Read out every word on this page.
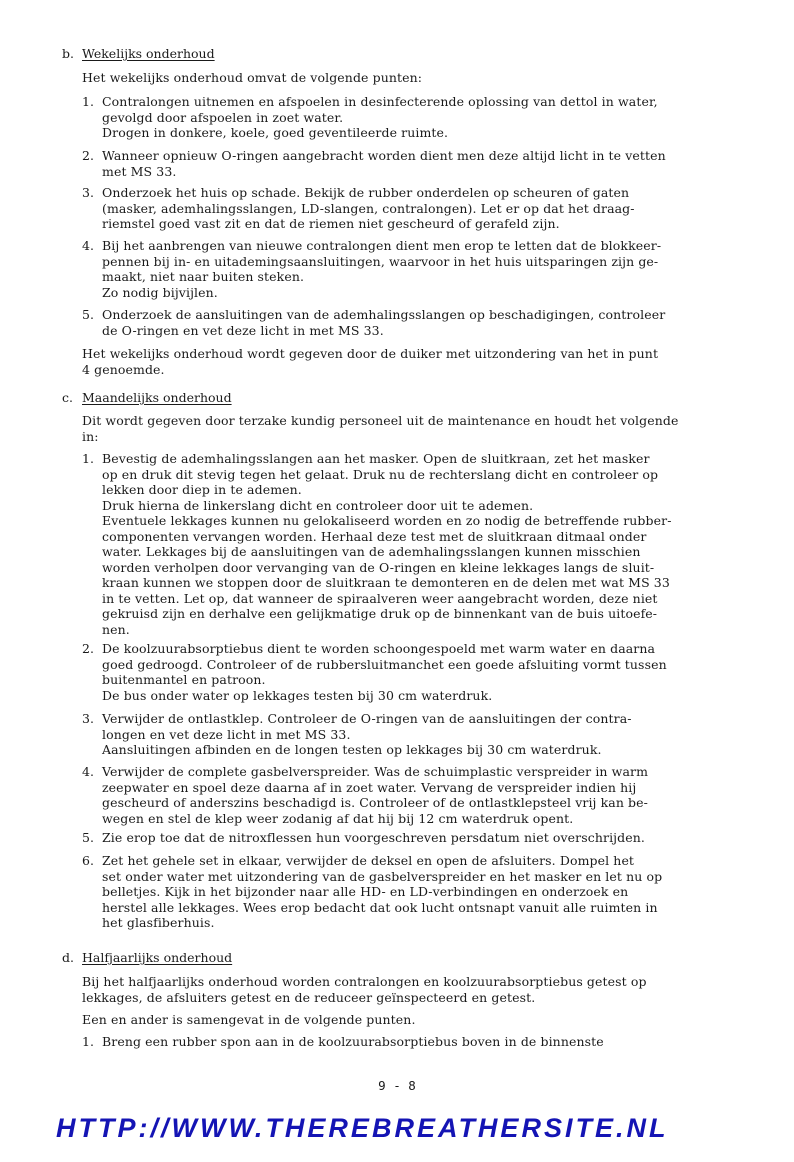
b. Wekelijks onderhoud
Het wekelijks onderhoud omvat de volgende punten:
1. Contralongen uitnemen en afspoelen in desinfecterende oplossing van dettol in water,
gevolgd door afspoelen in zoet water.
Drogen in donkere, koele, goed geventileerde ruimte.
2. Wanneer opnieuw O-ringen aangebracht worden dient men deze altijd licht in te vetten
met MS 33.
3. Onderzoek het huis op schade. Bekijk de rubber onderdelen op scheuren of gaten
(masker, ademhalingsslangen, LD-slangen, contralongen). Let er op dat het draag-
riemstel goed vast zit en dat de riemen niet gescheurd of gerafeld zijn.
4. Bij het aanbrengen van nieuwe contralongen dient men erop te letten dat de blokkeer-
pennen bij in- en uitademingsaansluitingen, waarvoor in het huis uitsparingen zijn ge-
maakt, niet naar buiten steken.
Zo nodig bijvijlen.
5. Onderzoek de aansluitingen van de ademhalingsslangen op beschadigingen, controleer
de O-ringen en vet deze licht in met MS 33.
Het wekelijks onderhoud wordt gegeven door de duiker met uitzondering van het in punt
4 genoemde.
c. Maandelijks onderhoud
Dit wordt gegeven door terzake kundig personeel uit de maintenance en houdt het volgende
in:
1. Bevestig de ademhalingsslangen aan het masker. Open de sluitkraan, zet het masker
op en druk dit stevig tegen het gelaat. Druk nu de rechterslang dicht en controleer op
lekken door diep in te ademen.
Druk hierna de linkerslang dicht en controleer door uit te ademen.
Eventuele lekkages kunnen nu gelokaliseerd worden en zo nodig de betreffende rubber-
componenten vervangen worden. Herhaal deze test met de sluitkraan ditmaal onder
water. Lekkages bij de aansluitingen van de ademhalingsslangen kunnen misschien
worden verholpen door vervanging van de O-ringen en kleine lekkages langs de sluit-
kraan kunnen we stoppen door de sluitkraan te demonteren en de delen met wat MS 33
in te vetten. Let op, dat wanneer de spiraalveren weer aangebracht worden, deze niet
gekruisd zijn en derhalve een gelijkmatige druk op de binnenkant van de buis uitoefe-
nen.
2. De koolzuurabsorptiebus dient te worden schoongespoeld met warm water en daarna
goed gedroogd. Controleer of de rubbersluitmanchet een goede afsluiting vormt tussen
buitenmantel en patroon.
De bus onder water op lekkages testen bij 30 cm waterdruk.
3. Verwijder de ontlastklep. Controleer de O-ringen van de aansluitingen der contra-
longen en vet deze licht in met MS 33.
Aansluitingen afbinden en de longen testen op lekkages bij 30 cm waterdruk.
4. Verwijder de complete gasbelverspreider. Was de schuimplastic verspreider in warm
zeepwater en spoel deze daarna af in zoet water. Vervang de verspreider indien hij
gescheurd of anderszins beschadigd is. Controleer of de ontlastklepsteel vrij kan be-
wegen en stel de klep weer zodanig af dat hij bij 12 cm waterdruk opent.
5. Zie erop toe dat de nitroxflessen hun voorgeschreven persdatum niet overschrijden.
6. Zet het gehele set in elkaar, verwijder de deksel en open de afsluiters. Dompel het
set onder water met uitzondering van de gasbelverspreider en het masker en let nu op
belletjes. Kijk in het bijzonder naar alle HD- en LD-verbindingen en onderzoek en
herstel alle lekkages. Wees erop bedacht dat ook lucht ontsnapt vanuit alle ruimten in
het glasfiberhuis.
d. Halfjaarlijks onderhoud
Bij het halfjaarlijks onderhoud worden contralongen en koolzuurabsorptiebus getest op
lekkages, de afsluiters getest en de reduceer geïnspecteerd en getest.
Een en ander is samengevat in de volgende punten.
1. Breng een rubber spon aan in de koolzuurabsorptiebus boven in de binnenste
9 - 8
HTTP://WWW.THEREBREATHERSITE.NL
